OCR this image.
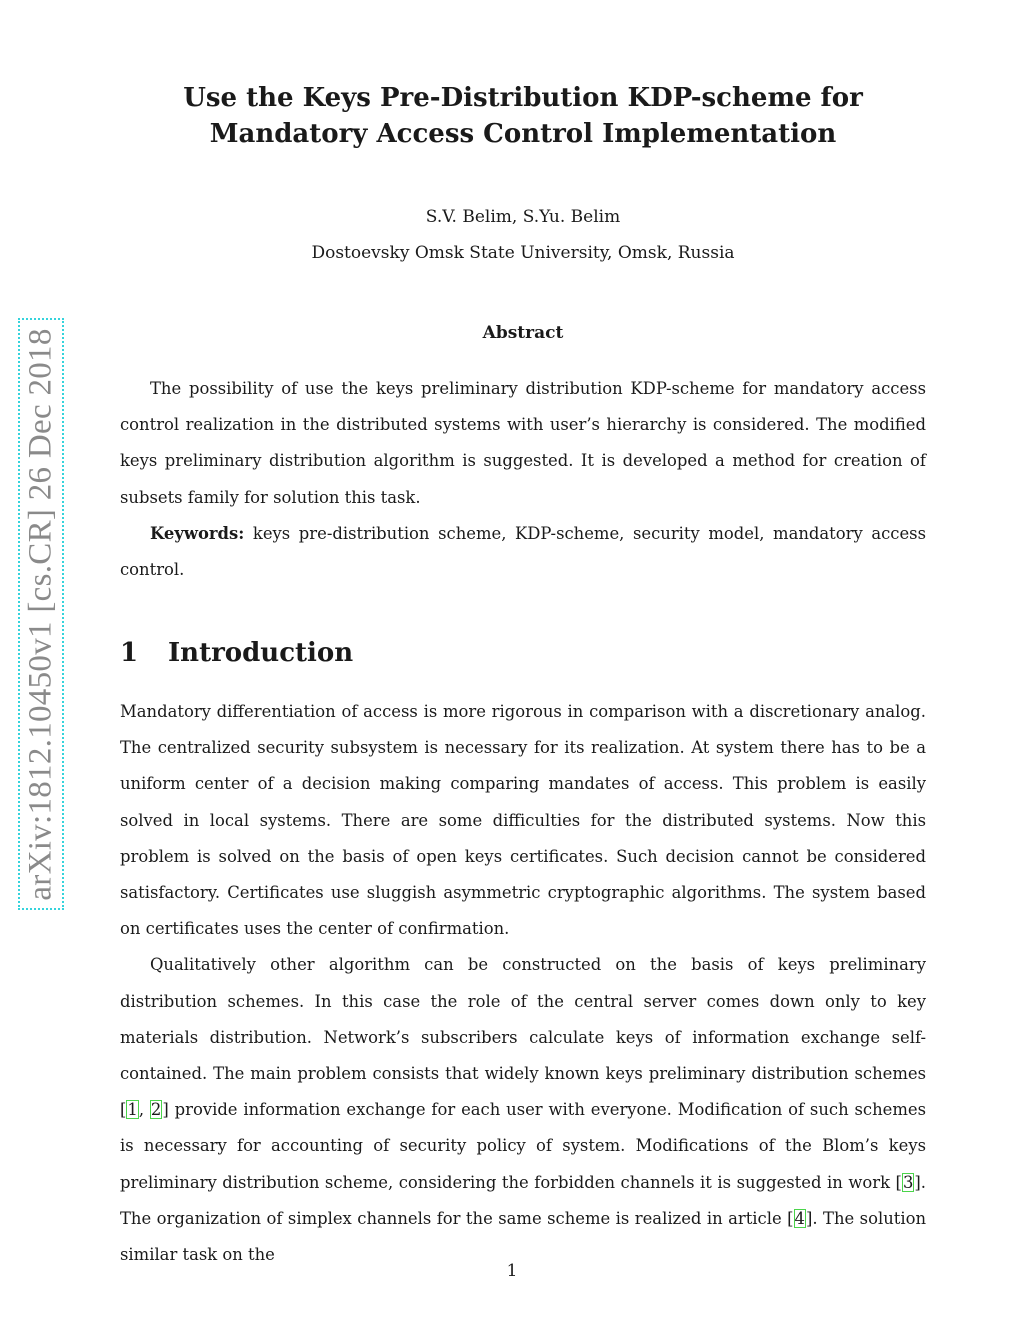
arXiv:1812.10450v1 [cs.CR] 26 Dec 2018
Use the Keys Pre-Distribution KDP-scheme for
Mandatory Access Control Implementation

S.V. Belim, S.Yu. Belim

Dostoevsky Omsk State University, Omsk, Russia

Abstract

The possibility of use the keys preliminary distribution KDP-scheme for mandatory access control realization in the distributed systems with user’s hierarchy is considered. The modified keys preliminary distribution algorithm is suggested. It is developed a method for creation of subsets family for solution this task.

Keywords: keys pre-distribution scheme, KDP-scheme, security model, mandatory access control.

1 Introduction

Mandatory differentiation of access is more rigorous in comparison with a discretionary analog. The centralized security subsystem is necessary for its realization. At system there has to be a uniform center of a decision making comparing mandates of access. This problem is easily solved in local systems. There are some difficulties for the distributed systems. Now this problem is solved on the basis of open keys certificates. Such decision cannot be considered satisfactory. Certificates use sluggish asymmetric cryptographic algorithms. The system based on certificates uses the center of confirmation.

Qualitatively other algorithm can be constructed on the basis of keys preliminary distribution schemes. In this case the role of the central server comes down only to key materials distribution. Network’s subscribers calculate keys of information exchange self-contained. The main problem consists that widely known keys preliminary distribution schemes [1, 2] provide information exchange for each user with everyone. Modification of such schemes is necessary for accounting of security policy of system. Modifications of the Blom’s keys preliminary distribution scheme, considering the forbidden channels it is suggested in work [3]. The organization of simplex channels for the same scheme is realized in article [4]. The solution similar task on the

1
